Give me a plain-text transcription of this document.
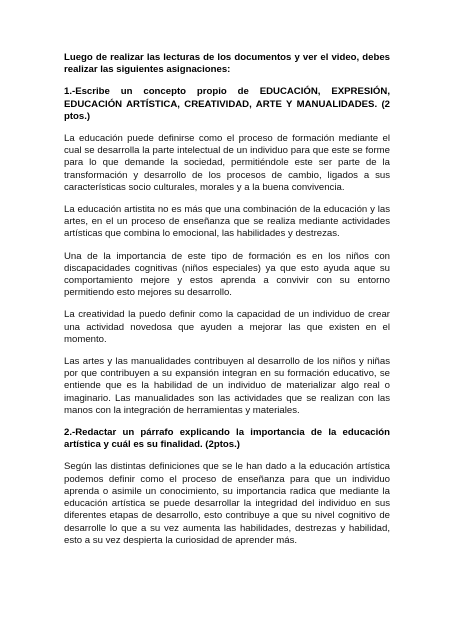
Luego de realizar las lecturas de los documentos y ver el video, debes realizar las siguientes asignaciones:

1.-Escribe un concepto propio de EDUCACIÓN, EXPRESIÓN, EDUCACIÓN ARTÍSTICA, CREATIVIDAD, ARTE Y MANUALIDADES. (2 ptos.)

La educación puede definirse como el proceso de formación mediante el cual se desarrolla la parte intelectual de un individuo para que este se forme para lo que demande la sociedad, permitiéndole este ser parte de la transformación y desarrollo de los procesos de cambio, ligados a sus características socio culturales, morales y a la buena convivencia.

La educación artistita no es más que una combinación de la educación y las artes, en el un proceso de enseñanza que se realiza mediante actividades artísticas que combina lo emocional, las habilidades y destrezas.

Una de la importancia de este tipo de formación es en los niños con discapacidades cognitivas (niños especiales) ya que esto ayuda aque su comportamiento mejore y estos aprenda a convivir con su entorno permitiendo esto mejores su desarrollo.

La creatividad la puedo definir como la capacidad de un individuo de crear una actividad novedosa que ayuden a mejorar las que existen en el momento.

Las artes y las manualidades contribuyen al desarrollo de los niños y niñas por que contribuyen a su expansión integran en su formación educativo, se entiende que es la habilidad de un individuo de materializar algo real o imaginario. Las manualidades son las actividades que se realizan con las manos con la integración de herramientas y materiales.

2.-Redactar un párrafo explicando la importancia de la educación artística y cuál es su finalidad. (2ptos.)

Según las distintas definiciones que se le han dado a la educación artística podemos definir como el proceso de enseñanza para que un individuo aprenda o asimile un conocimiento, su importancia radica que mediante la educación artística se puede desarrollar la integridad del individuo en sus diferentes etapas de desarrollo, esto contribuye a que su nivel cognitivo de desarrolle lo que a su vez aumenta las habilidades, destrezas y habilidad, esto a su vez despierta la curiosidad de aprender más.
